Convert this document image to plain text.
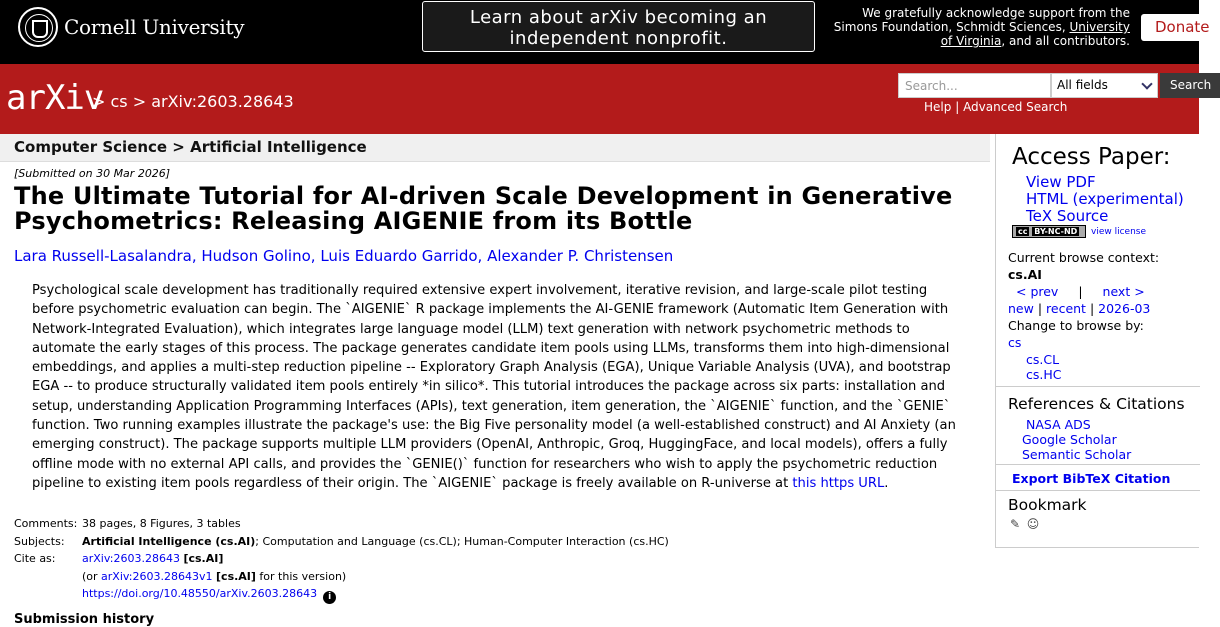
Cornell University	Learn about arXiv becoming an
independent nonprofit.
We gratefully acknowledge support from the Simons Foundation, Schmidt Sciences, University of Virginia, and all contributors.
Donate
arXiv
> cs > arXiv:2603.28643
Search...
All fields	Search
Help | Advanced Search
Computer Science > Artificial Intelligence
[Submitted on 30 Mar 2026]
The Ultimate Tutorial for AI-driven Scale Development in Generative Psychometrics: Releasing AIGENIE from its Bottle
Lara Russell-Lasalandra, Hudson Golino, Luis Eduardo Garrido, Alexander P. Christensen
Psychological scale development has traditionally required extensive expert involvement, iterative revision, and large-scale pilot testing before psychometric evaluation can begin. The `AIGENIE` R package implements the AI-GENIE framework (Automatic Item Generation with Network-Integrated Evaluation), which integrates large language model (LLM) text generation with network psychometric methods to automate the early stages of this process. The package generates candidate item pools using LLMs, transforms them into high-dimensional embeddings, and applies a multi-step reduction pipeline -- Exploratory Graph Analysis (EGA), Unique Variable Analysis (UVA), and bootstrap EGA -- to produce structurally validated item pools entirely *in silico*. This tutorial introduces the package across six parts: installation and setup, understanding Application Programming Interfaces (APIs), text generation, item generation, the `AIGENIE` function, and the `GENIE` function. Two running examples illustrate the package's use: the Big Five personality model (a well-established construct) and AI Anxiety (an emerging construct). The package supports multiple LLM providers (OpenAI, Anthropic, Groq, HuggingFace, and local models), offers a fully offline mode with no external API calls, and provides the `GENIE()` function for researchers who wish to apply the psychometric reduction pipeline to existing item pools regardless of their origin. The `AIGENIE` package is freely available on R-universe at this https URL.
Comments: 38 pages, 8 Figures, 3 tables
Subjects:	Artificial Intelligence (cs.AI); Computation and Language (cs.CL); Human-Computer Interaction (cs.HC)
Cite as:	arXiv:2603.28643 [cs.AI]
(or arXiv:2603.28643v1 [cs.AI] for this version)
https://doi.org/10.48550/arXiv.2603.28643 i
Submission history
Access Paper:
View PDF
HTML (experimental)
TeX Source
cc BY-NC-ND	view license
Current browse context:
cs.AI
< prev | next >
new | recent | 2026-03
Change to browse by:
cs
cs.CL
cs.HC
References & Citations
NASA ADS
Google Scholar
Semantic Scholar
Export BibTeX Citation
Bookmark
✎ ☺
